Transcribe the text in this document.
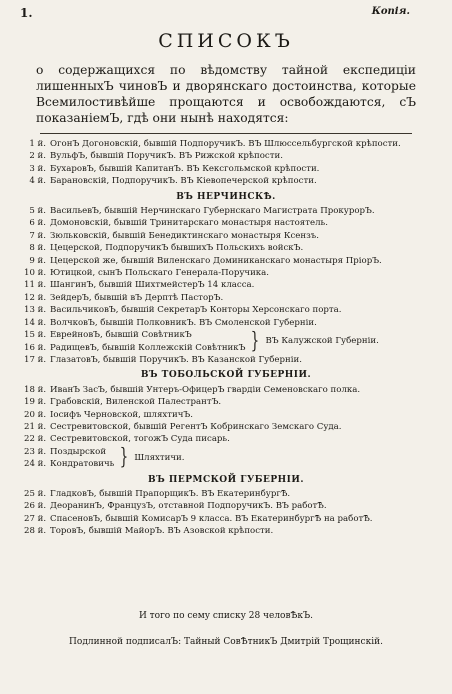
1.	Копія.
СПИСОКЪ
о содержащихся по вѣдомству тайной експедиціи лишенныхЪ чиновЪ и дворянскаго достоинства, которые Всемилостивѣйше прощаются и освобождаются, сЪ показаніемЪ, гдѣ они нынѣ находятся:
1 й. ОгонЪ Догоновскій, бывшій ПодпоручикЪ. ВЪ Шлюссельбургской крѣпости.
2 й. ВульфЪ, бывшій ПоручикЪ. ВЪ Рижской крѣпости.
3 й. БухаровЪ, бывшій КапитанЪ. ВЪ Кексгольмской крѣпости.
4 й. Барановскій, ПодпоручикЪ. ВЪ Кіевопечерской крѣпости.
ВЪ НЕРЧИНСКѢ.
5 й. ВасильевЪ, бывшій Нерчинскаго Губернскаго Магистрата ПрокурорЪ.
6 й. Домоновскій, бывшій Тринитарскаго монастыря настоятель.
7 й. Зюльковскій, бывшій Бенедиктинскаго монастыря Ксензъ.
8 й. Цецерской, ПодпоручикЪ бывшихЪ Польскихъ войскЪ.
9 й. Цецерской же, бывшій Виленскаго Доминиканскаго монастыря ПріорЪ.
10 й. Ютицкой, сынЪ Польскаго Генерала-Поручика.
11 й. ШангинЪ, бывшій ШихтмейстерЪ 14 класса.
12 й. ЗейдерЪ, бывшій вЪ Дерптѣ ПасторЪ.
13 й. ВасильчиковЪ, бывшій СекретарЪ Конторы Херсонскаго порта.
14 й. ВолчковЪ, бывшій ПолковникЪ. ВЪ Смоленской Губерніи.
15 й. ЕврейновЪ, бывшій СовѣтникЪ
16 й. РадищевЪ, бывшій Коллежскій СовѣтникЪ } ВЪ Калужской Губерніи.
17 й. ГлазатовЪ, бывшій ПоручикЪ. ВЪ Казанской Губерніи.
ВЪ ТОБОЛЬСКОЙ ГУБЕРНІИ.
18 й. ИванЪ ЗасЪ, бывшій Унтеръ-ОфицерЪ гвардіи Семеновскаго полка.
19 й. Грабовскій, Виленской ПалестрантЪ.
20 й. Іосифъ Черновской, шляхтичЪ.
21 й. Сестревитовской, бывшій РегентЪ Кобринскаго Земскаго Суда.
22 й. Сестревитовской, тогожЪ Суда писарь.
23 й. Поздырской
24 й. Кондратовичь } Шляхтичи.
ВЪ ПЕРМСКОЙ ГУБЕРНІИ.
25 й. ГладковЪ, бывшій ПрапорщикЪ. ВЪ ЕкатеринбургѢ.
26 й. ДеоранинЪ, ФранцузЪ, отставной ПодпоручикЪ. ВЪ работѢ.
27 й. СпасеновЪ, бывшій КомисарЪ 9 класса. ВЪ ЕкатеринбургѢ на работѢ.
28 й. ТоровЪ, бывшій МайорЪ. ВЪ Азовской крѣпости.
И того по сему списку 28 человѢкЪ.
Подлинной подписалЪ: Тайный СовѢтникЪ Дмитрій Трощинскій.
